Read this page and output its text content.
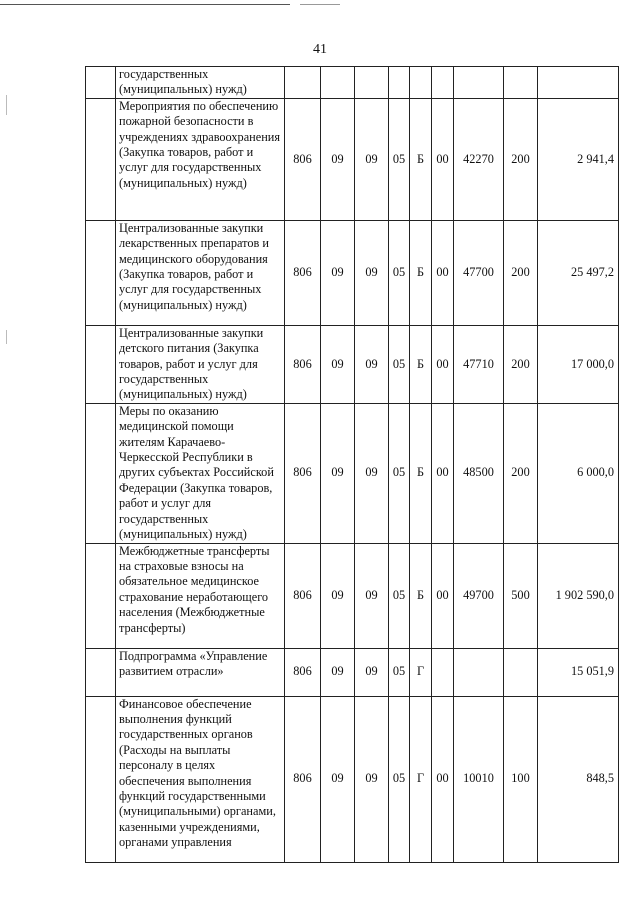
41
	государственных (муниципальных) нужд)									
	Мероприятия по обеспечению пожарной безопасности в учреждениях здравоохранения (Закупка товаров, работ и услуг для государственных (муниципальных) нужд)	806	09	09	05	Б	00	42270	200	2 941,4
	Централизованные закупки лекарственных препаратов и медицинского оборудования (Закупка товаров, работ и услуг для государственных (муниципальных) нужд)	806	09	09	05	Б	00	47700	200	25 497,2
	Централизованные закупки детского питания (Закупка товаров, работ и услуг для государственных (муниципальных) нужд)	806	09	09	05	Б	00	47710	200	17 000,0
	Меры по оказанию медицинской помощи жителям Карачаево-Черкесской Республики в других субъектах Российской Федерации (Закупка товаров, работ и услуг для государственных (муниципальных) нужд)	806	09	09	05	Б	00	48500	200	6 000,0
	Межбюджетные трансферты на страховые взносы на обязательное медицинское страхование неработающего населения (Межбюджетные трансферты)	806	09	09	05	Б	00	49700	500	1 902 590,0
	Подпрограмма «Управление развитием отрасли»	806	09	09	05	Г				15 051,9
	Финансовое обеспечение выполнения функций государственных органов (Расходы на выплаты персоналу в целях обеспечения выполнения функций государственными (муниципальными) органами, казенными учреждениями, органами управления	806	09	09	05	Г	00	10010	100	848,5
